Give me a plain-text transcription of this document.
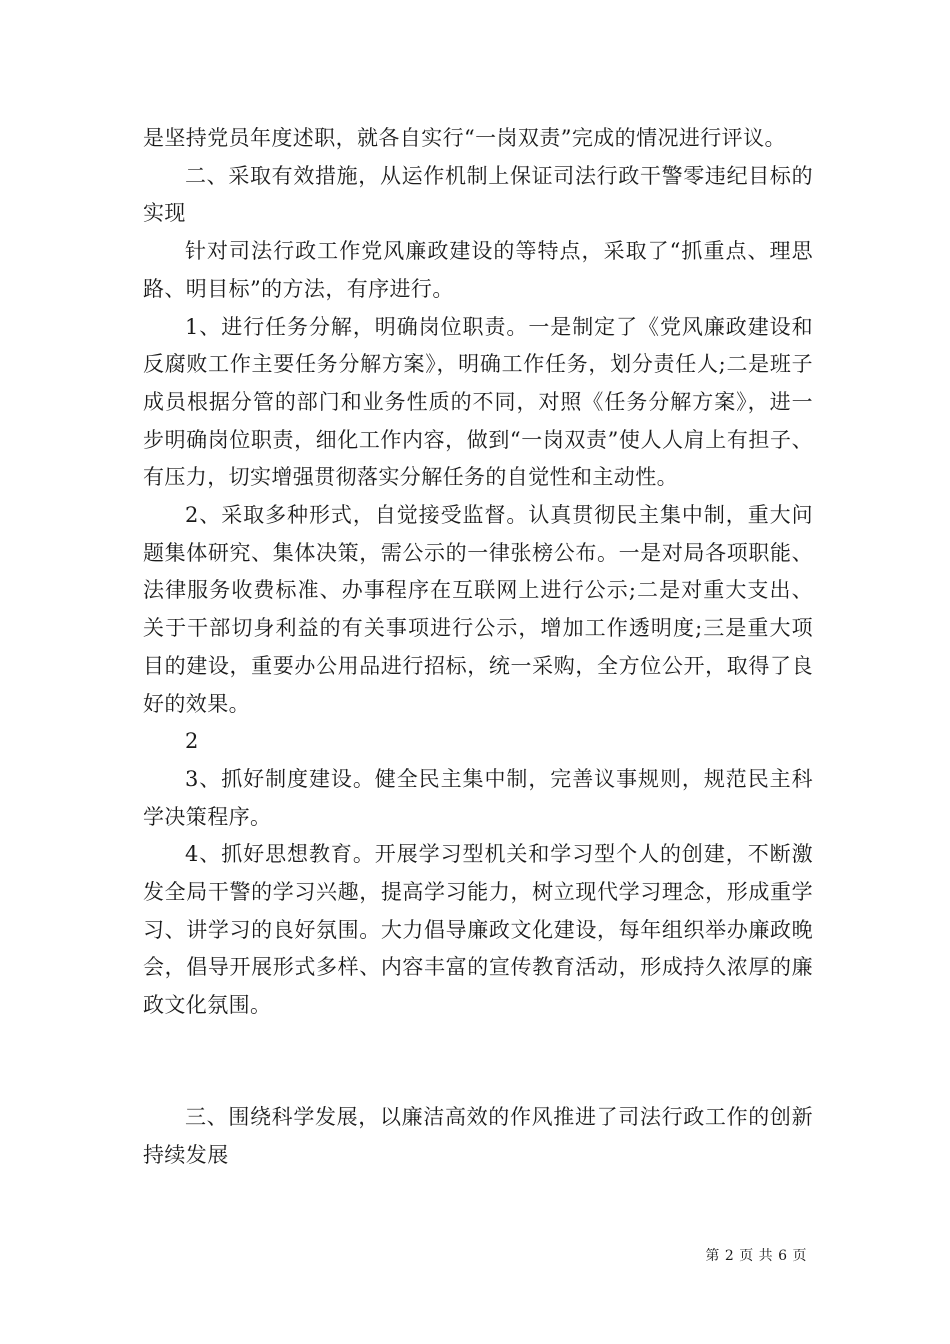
是坚持党员年度述职，就各自实行“一岗双责”完成的情况进行评议。

二、采取有效措施，从运作机制上保证司法行政干警零违纪目标的实现

针对司法行政工作党风廉政建设的等特点，采取了“抓重点、理思路、明目标”的方法，有序进行。

1、进行任务分解，明确岗位职责。一是制定了《党风廉政建设和反腐败工作主要任务分解方案》，明确工作任务，划分责任人;二是班子成员根据分管的部门和业务性质的不同，对照《任务分解方案》，进一步明确岗位职责，细化工作内容，做到“一岗双责”使人人肩上有担子、有压力，切实增强贯彻落实分解任务的自觉性和主动性。

2、采取多种形式，自觉接受监督。认真贯彻民主集中制，重大问题集体研究、集体决策，需公示的一律张榜公布。一是对局各项职能、法律服务收费标准、办事程序在互联网上进行公示;二是对重大支出、关于干部切身利益的有关事项进行公示，增加工作透明度;三是重大项目的建设，重要办公用品进行招标，统一采购，全方位公开，取得了良好的效果。

2

3、抓好制度建设。健全民主集中制，完善议事规则，规范民主科学决策程序。

4、抓好思想教育。开展学习型机关和学习型个人的创建，不断激发全局干警的学习兴趣，提高学习能力，树立现代学习理念，形成重学习、讲学习的良好氛围。大力倡导廉政文化建设，每年组织举办廉政晚会，倡导开展形式多样、内容丰富的宣传教育活动，形成持久浓厚的廉政文化氛围。

三、围绕科学发展，以廉洁高效的作风推进了司法行政工作的创新持续发展

第 2 页 共 6 页
